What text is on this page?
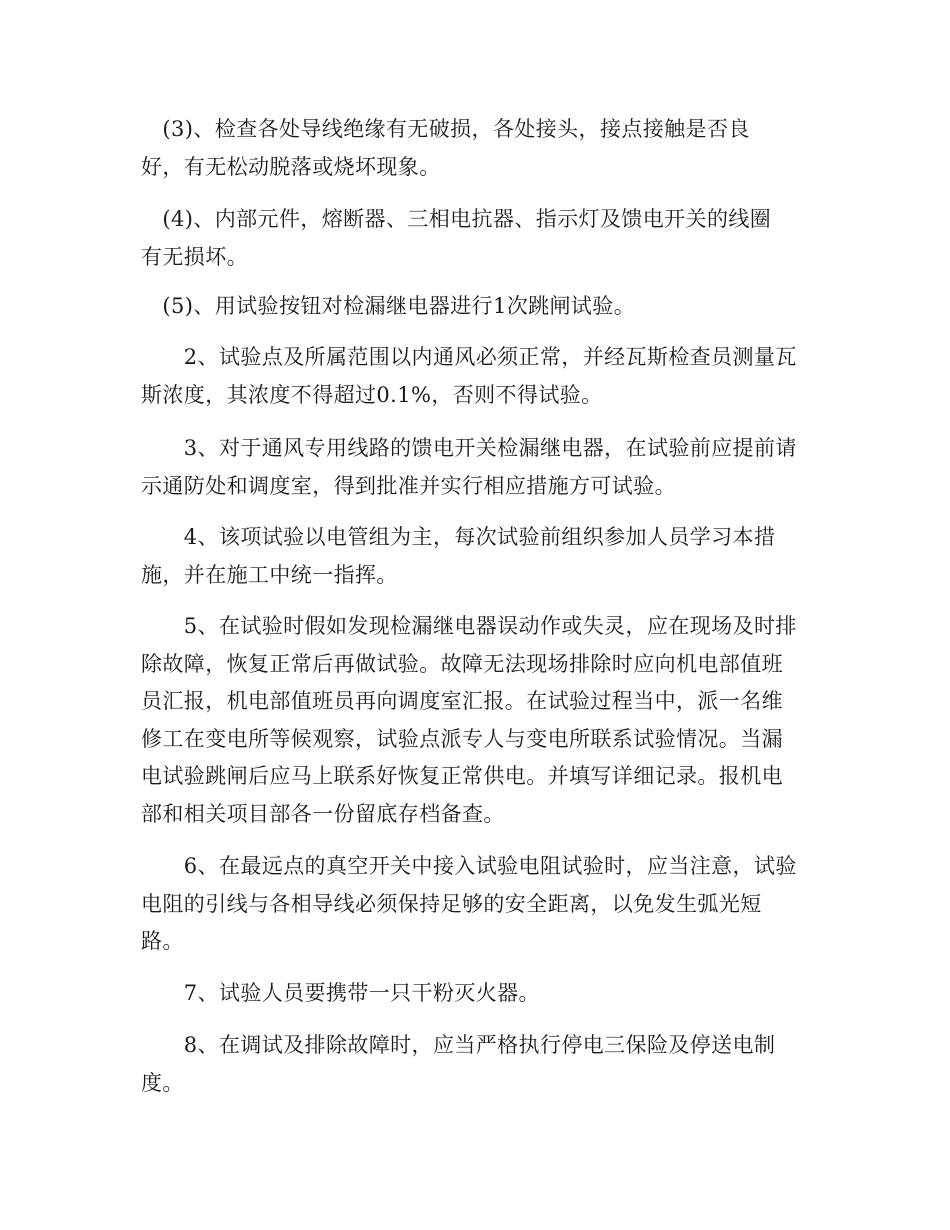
　(3)、检查各处导线绝缘有无破损，各处接头，接点接触是否良
好，有无松动脱落或烧坏现象。

　(4)、内部元件，熔断器、三相电抗器、指示灯及馈电开关的线圈
有无损坏。

　(5)、用试验按钮对检漏继电器进行1次跳闸试验。

　　2、试验点及所属范围以内通风必须正常，并经瓦斯检查员测量瓦
斯浓度，其浓度不得超过0.1%，否则不得试验。

　　3、对于通风专用线路的馈电开关检漏继电器，在试验前应提前请
示通防处和调度室，得到批准并实行相应措施方可试验。

　　4、该项试验以电管组为主，每次试验前组织参加人员学习本措
施，并在施工中统一指挥。

　　5、在试验时假如发现检漏继电器误动作或失灵，应在现场及时排
除故障，恢复正常后再做试验。故障无法现场排除时应向机电部值班
员汇报，机电部值班员再向调度室汇报。在试验过程当中，派一名维
修工在变电所等候观察，试验点派专人与变电所联系试验情况。当漏
电试验跳闸后应马上联系好恢复正常供电。并填写详细记录。报机电
部和相关项目部各一份留底存档备查。

　　6、在最远点的真空开关中接入试验电阻试验时，应当注意，试验
电阻的引线与各相导线必须保持足够的安全距离，以免发生弧光短
路。

　　7、试验人员要携带一只干粉灭火器。

　　8、在调试及排除故障时，应当严格执行停电三保险及停送电制
度。
